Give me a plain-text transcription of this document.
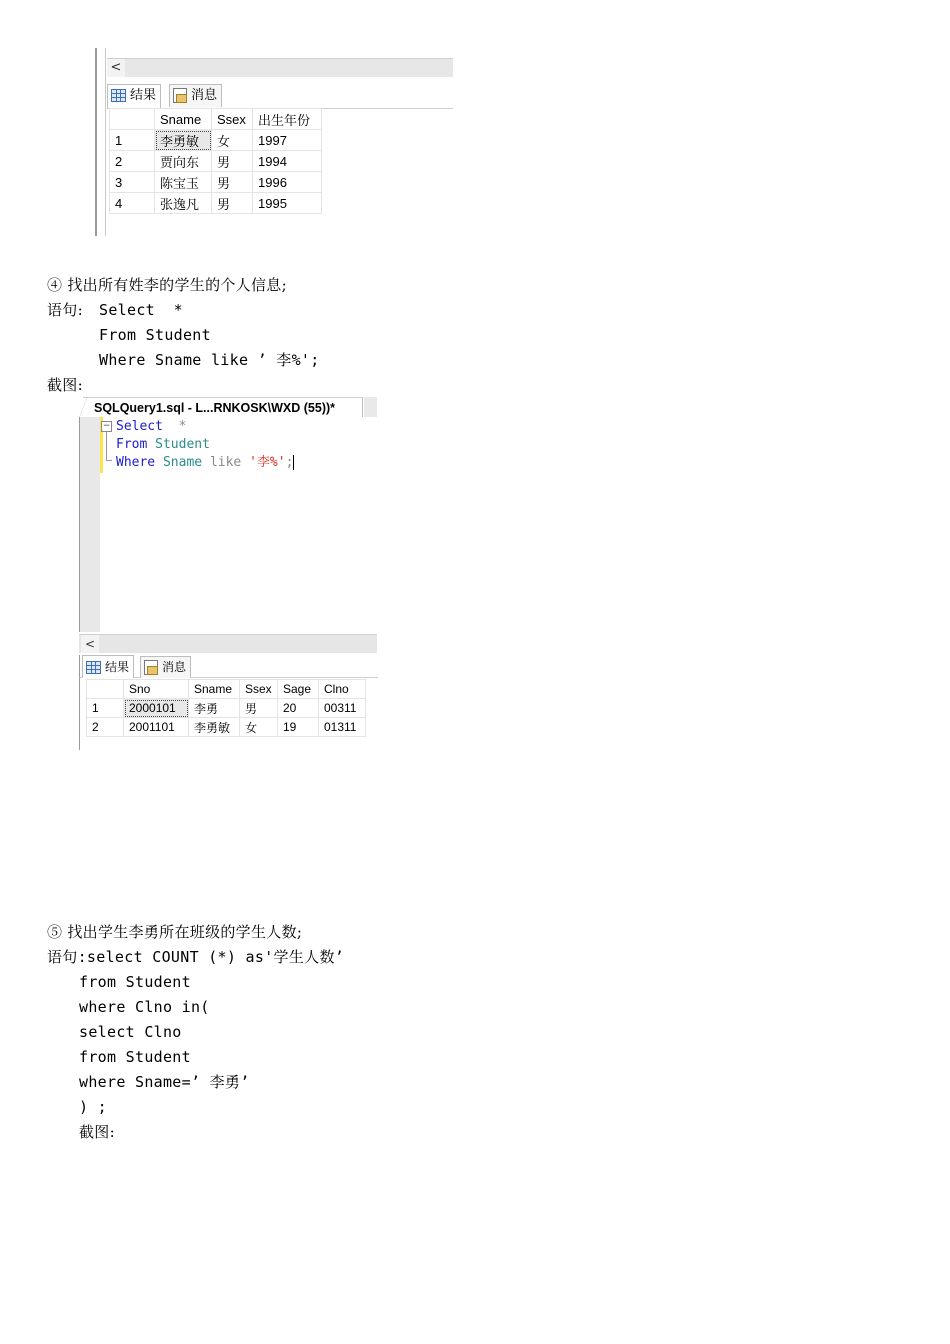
<
结果	消息
	Sname	Ssex	出生年份
1	李勇敏	女	1997
2	贾向东	男	1994
3	陈宝玉	男	1996
4	张逸凡	男	1995
④ 找出所有姓李的学生的个人信息;
语句: Select  *
From Student
Where Sname like ’ 李%';
截图:
SQLQuery1.sql - L...RNKOSK\WXD (55))*
− Select  *
From Student
Where Sname like '李%';
<
结果	消息
	Sno	Sname	Ssex	Sage	Clno
1	2000101	李勇	男	20	00311
2	2001101	李勇敏	女	19	01311
⑤ 找出学生李勇所在班级的学生人数;
语句:select COUNT (*) as'学生人数’
from Student
where Clno in(
select Clno
from Student
where Sname=’ 李勇’
) ;
截图:
